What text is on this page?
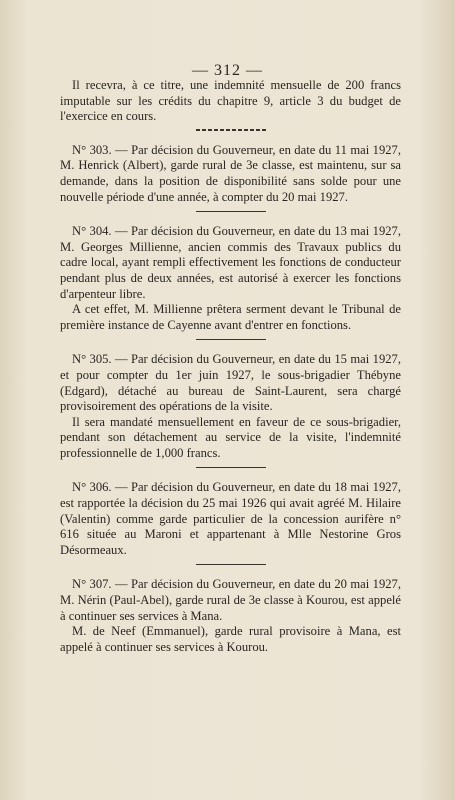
— 312 —

Il recevra, à ce titre, une indemnité mensuelle de 200 francs imputable sur les crédits du chapitre 9, article 3 du budget de l'exercice en cours.

N° 303. — Par décision du Gouverneur, en date du 11 mai 1927, M. Henrick (Albert), garde rural de 3e classe, est maintenu, sur sa demande, dans la position de disponibilité sans solde pour une nouvelle période d'une année, à compter du 20 mai 1927.

N° 304. — Par décision du Gouverneur, en date du 13 mai 1927, M. Georges Millienne, ancien commis des Travaux publics du cadre local, ayant rempli effectivement les fonctions de conducteur pendant plus de deux années, est autorisé à exercer les fonctions d'arpenteur libre.

A cet effet, M. Millienne prêtera serment devant le Tribunal de première instance de Cayenne avant d'entrer en fonctions.

N° 305. — Par décision du Gouverneur, en date du 15 mai 1927, et pour compter du 1er juin 1927, le sous-brigadier Thébyne (Edgard), détaché au bureau de Saint-Laurent, sera chargé provisoirement des opérations de la visite.

Il sera mandaté mensuellement en faveur de ce sous-brigadier, pendant son détachement au service de la visite, l'indemnité professionnelle de 1,000 francs.

N° 306. — Par décision du Gouverneur, en date du 18 mai 1927, est rapportée la décision du 25 mai 1926 qui avait agréé M. Hilaire (Valentin) comme garde particulier de la concession aurifère n° 616 située au Maroni et appartenant à Mlle Nestorine Gros Désormeaux.

N° 307. — Par décision du Gouverneur, en date du 20 mai 1927, M. Nérin (Paul-Abel), garde rural de 3e classe à Kourou, est appelé à continuer ses services à Mana.

M. de Neef (Emmanuel), garde rural provisoire à Mana, est appelé à continuer ses services à Kourou.
